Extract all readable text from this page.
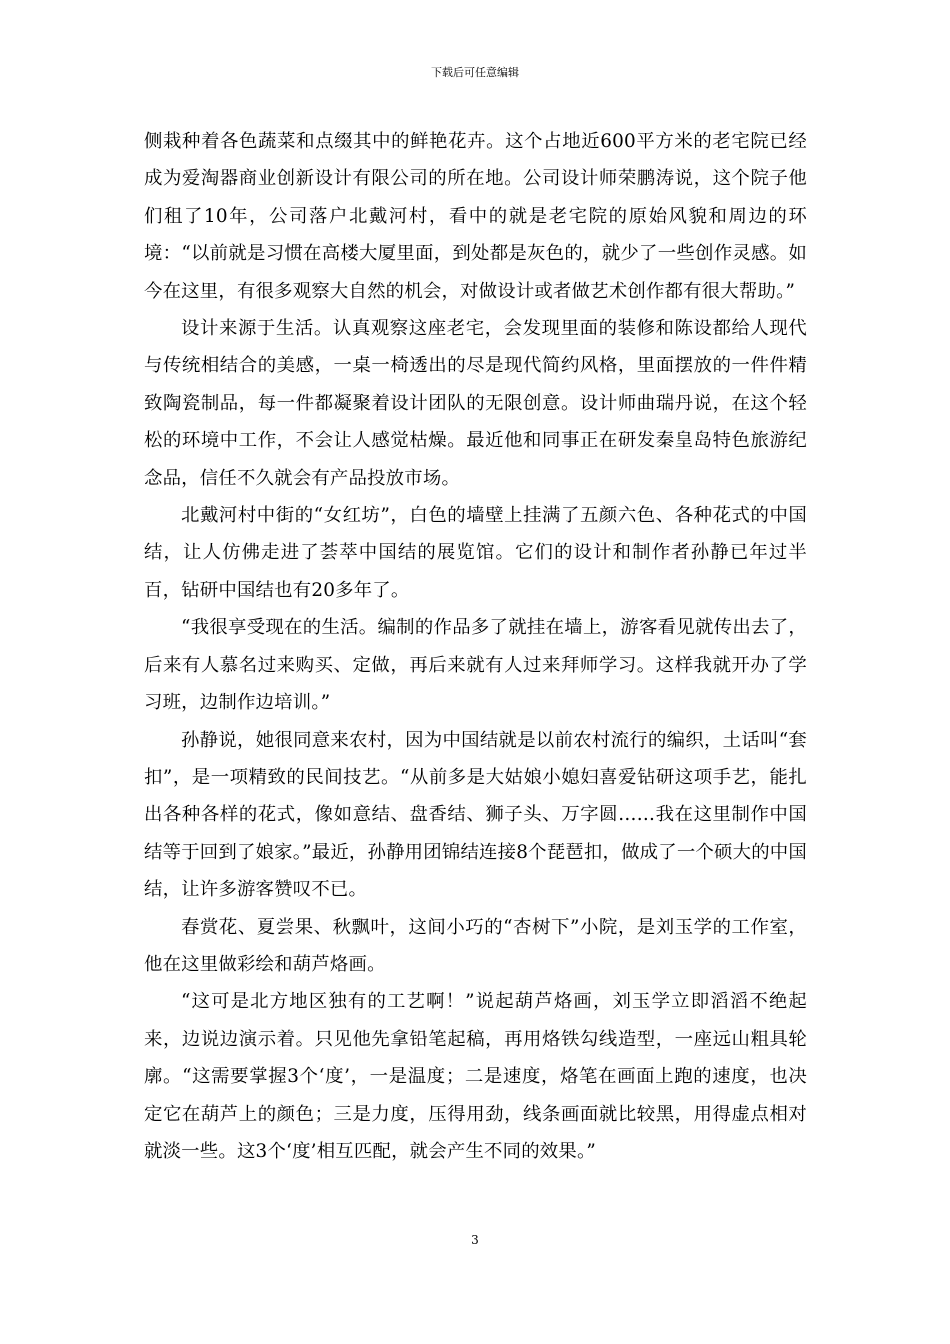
下载后可任意编辑

侧栽种着各色蔬菜和点缀其中的鲜艳花卉。这个占地近600平方米的老宅院已经成为爱淘器商业创新设计有限公司的所在地。公司设计师荣鹏涛说，这个院子他们租了10年，公司落户北戴河村，看中的就是老宅院的原始风貌和周边的环境：“以前就是习惯在高楼大厦里面，到处都是灰色的，就少了一些创作灵感。如今在这里，有很多观察大自然的机会，对做设计或者做艺术创作都有很大帮助。”

设计来源于生活。认真观察这座老宅，会发现里面的装修和陈设都给人现代与传统相结合的美感，一桌一椅透出的尽是现代简约风格，里面摆放的一件件精致陶瓷制品，每一件都凝聚着设计团队的无限创意。设计师曲瑞丹说，在这个轻松的环境中工作，不会让人感觉枯燥。最近他和同事正在研发秦皇岛特色旅游纪念品，信任不久就会有产品投放市场。

北戴河村中街的“女红坊”，白色的墙壁上挂满了五颜六色、各种花式的中国结，让人仿佛走进了荟萃中国结的展览馆。它们的设计和制作者孙静已年过半百，钻研中国结也有20多年了。

“我很享受现在的生活。编制的作品多了就挂在墙上，游客看见就传出去了，后来有人慕名过来购买、定做，再后来就有人过来拜师学习。这样我就开办了学习班，边制作边培训。”

孙静说，她很同意来农村，因为中国结就是以前农村流行的编织，土话叫“套扣”，是一项精致的民间技艺。“从前多是大姑娘小媳妇喜爱钻研这项手艺，能扎出各种各样的花式，像如意结、盘香结、狮子头、万字圆……我在这里制作中国结等于回到了娘家。”最近，孙静用团锦结连接8个琵琶扣，做成了一个硕大的中国结，让许多游客赞叹不已。

春赏花、夏尝果、秋飘叶，这间小巧的“杏树下”小院，是刘玉学的工作室，他在这里做彩绘和葫芦烙画。

“这可是北方地区独有的工艺啊！”说起葫芦烙画，刘玉学立即滔滔不绝起来，边说边演示着。只见他先拿铅笔起稿，再用烙铁勾线造型，一座远山粗具轮廓。“这需要掌握3个‘度’，一是温度；二是速度，烙笔在画面上跑的速度，也决定它在葫芦上的颜色；三是力度，压得用劲，线条画面就比较黑，用得虚点相对就淡一些。这3个‘度’相互匹配，就会产生不同的效果。”

3
